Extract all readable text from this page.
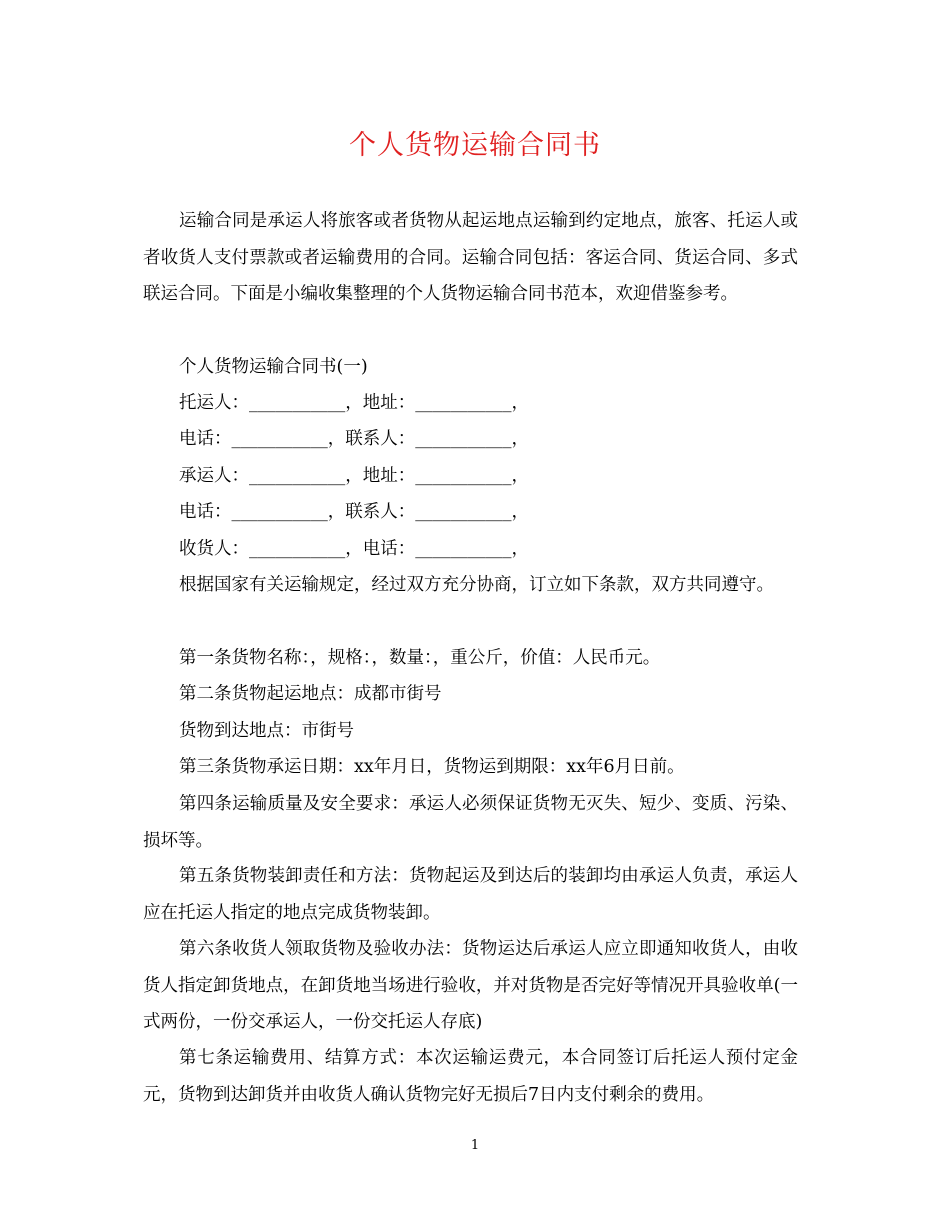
个人货物运输合同书

运输合同是承运人将旅客或者货物从起运地点运输到约定地点，旅客、托运人或者收货人支付票款或者运输费用的合同。运输合同包括：客运合同、货运合同、多式联运合同。下面是小编收集整理的个人货物运输合同书范本，欢迎借鉴参考。

个人货物运输合同书(一)

托运人：___________，地址：___________，

电话：___________，联系人：___________，

承运人：___________，地址：___________，

电话：___________，联系人：___________，

收货人：___________，电话：___________，

根据国家有关运输规定，经过双方充分协商，订立如下条款，双方共同遵守。

第一条货物名称：，规格：，数量：，重公斤，价值：人民币元。

第二条货物起运地点：成都市街号

货物到达地点：市街号

第三条货物承运日期：xx年月日，货物运到期限：xx年6月日前。

第四条运输质量及安全要求：承运人必须保证货物无灭失、短少、变质、污染、损坏等。

第五条货物装卸责任和方法：货物起运及到达后的装卸均由承运人负责，承运人应在托运人指定的地点完成货物装卸。

第六条收货人领取货物及验收办法：货物运达后承运人应立即通知收货人，由收货人指定卸货地点，在卸货地当场进行验收，并对货物是否完好等情况开具验收单(一式两份，一份交承运人，一份交托运人存底)

第七条运输费用、结算方式：本次运输运费元，本合同签订后托运人预付定金元，货物到达卸货并由收货人确认货物完好无损后7日内支付剩余的费用。

1
